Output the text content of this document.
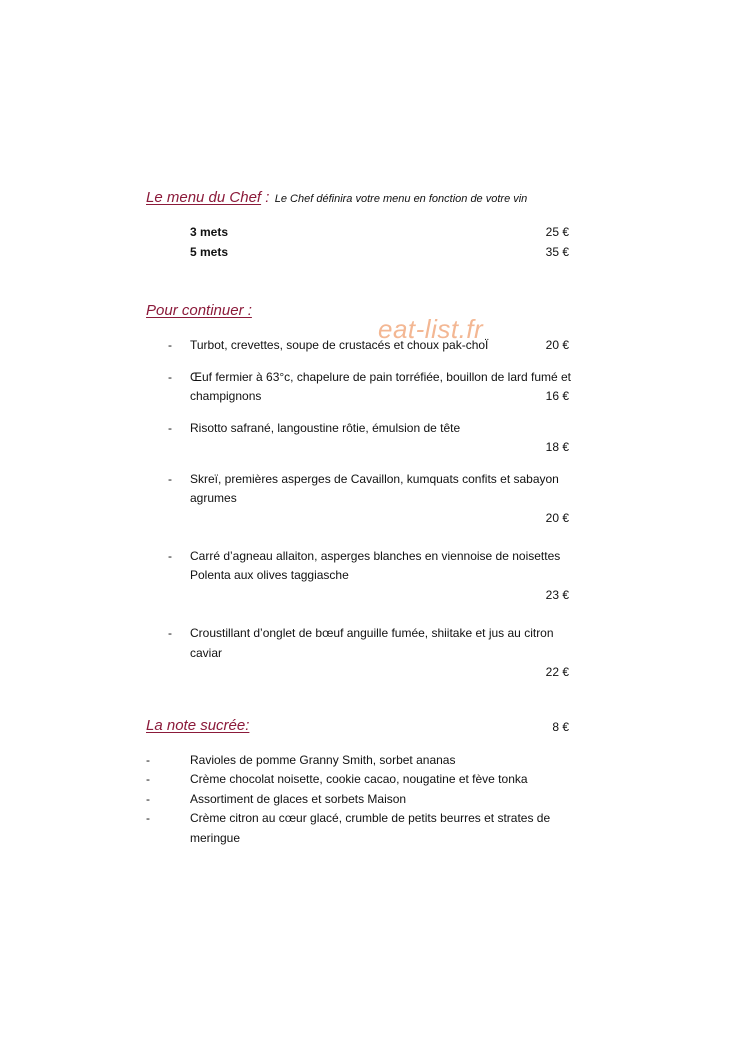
Le menu du Chef : Le Chef définira votre menu en fonction de votre vin
3 mets	25 €
5 mets	35 €
Pour continuer :
eat-list.fr
-	Turbot, crevettes, soupe de crustacés et choux pak-choÏ	20 €
-	Œuf fermier à 63°c, chapelure de pain torréfiée, bouillon de lard fumé et
champignons	16 €
-	Risotto safrané, langoustine rôtie, émulsion de tête
18 €
-	Skreï, premières asperges de Cavaillon, kumquats confits et sabayon
agrumes
20 €
-	Carré d’agneau allaiton, asperges blanches en viennoise de noisettes
Polenta aux olives taggiasche
23 €
-	Croustillant d’onglet de bœuf anguille fumée, shiitake et jus au citron
caviar
22 €
La note sucrée:	8 €
-	Ravioles de pomme Granny Smith, sorbet ananas
-	Crème chocolat noisette, cookie cacao, nougatine et fève tonka
-	Assortiment de glaces et sorbets Maison
-	Crème citron au cœur glacé, crumble de petits beurres et strates de
meringue
